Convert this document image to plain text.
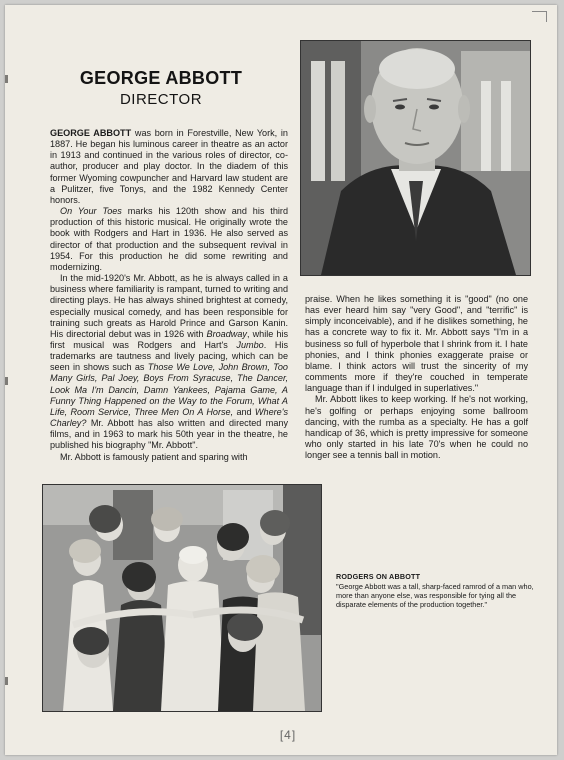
GEORGE ABBOTT
DIRECTOR

GEORGE ABBOTT was born in Forestville, New York, in 1887. He began his luminous career in theatre as an actor in 1913 and continued in the various roles of director, co-author, producer and play doctor. In the diadem of this former Wyoming cowpuncher and Harvard law student are a Pulitzer, five Tonys, and the 1982 Kennedy Center honors.

On Your Toes marks his 120th show and his third production of this historic musical. He originally wrote the book with Rodgers and Hart in 1936. He also served as director of that production and the subsequent revival in 1954. For this production he did some rewriting and modernizing.

In the mid-1920's Mr. Abbott, as he is always called in a business where familiarity is rampant, turned to writing and directing plays. He has always shined brightest at comedy, especially musical comedy, and has been responsible for training such greats as Harold Prince and Garson Kanin. His directorial debut was in 1926 with Broadway, while his first musical was Rodgers and Hart's Jumbo. His trademarks are tautness and lively pacing, which can be seen in shows such as Those We Love, John Brown, Too Many Girls, Pal Joey, Boys From Syracuse, The Dancer, Look Ma I'm Dancin, Damn Yankees, Pajama Game, A Funny Thing Happened on the Way to the Forum, What A Life, Room Service, Three Men On A Horse, and Where's Charley? Mr. Abbott has also written and directed many films, and in 1963 to mark his 50th year in the theatre, he published his biography "Mr. Abbott".

Mr. Abbott is famously patient and sparing with

praise. When he likes something it is "good" (no one has ever heard him say "very Good", and "terrific" is simply inconceivable), and if he dislikes something, he has a concrete way to fix it. Mr. Abbott says "I'm in a business so full of hyperbole that I shrink from it. I hate phonies, and I think phonies exaggerate praise or blame. I think actors will trust the sincerity of my comments more if they're couched in temperate language than if I indulged in superlatives."

Mr. Abbott likes to keep working. If he's not working, he's golfing or perhaps enjoying some ballroom dancing, with the rumba as a specialty. He has a golf handicap of 36, which is pretty impressive for someone who only started in his late 70's when he could no longer see a tennis ball in motion.

RODGERS ON ABBOTT
"George Abbott was a tall, sharp-faced ramrod of a man who, more than anyone else, was responsible for tying all the disparate elements of the production together."
[4]
